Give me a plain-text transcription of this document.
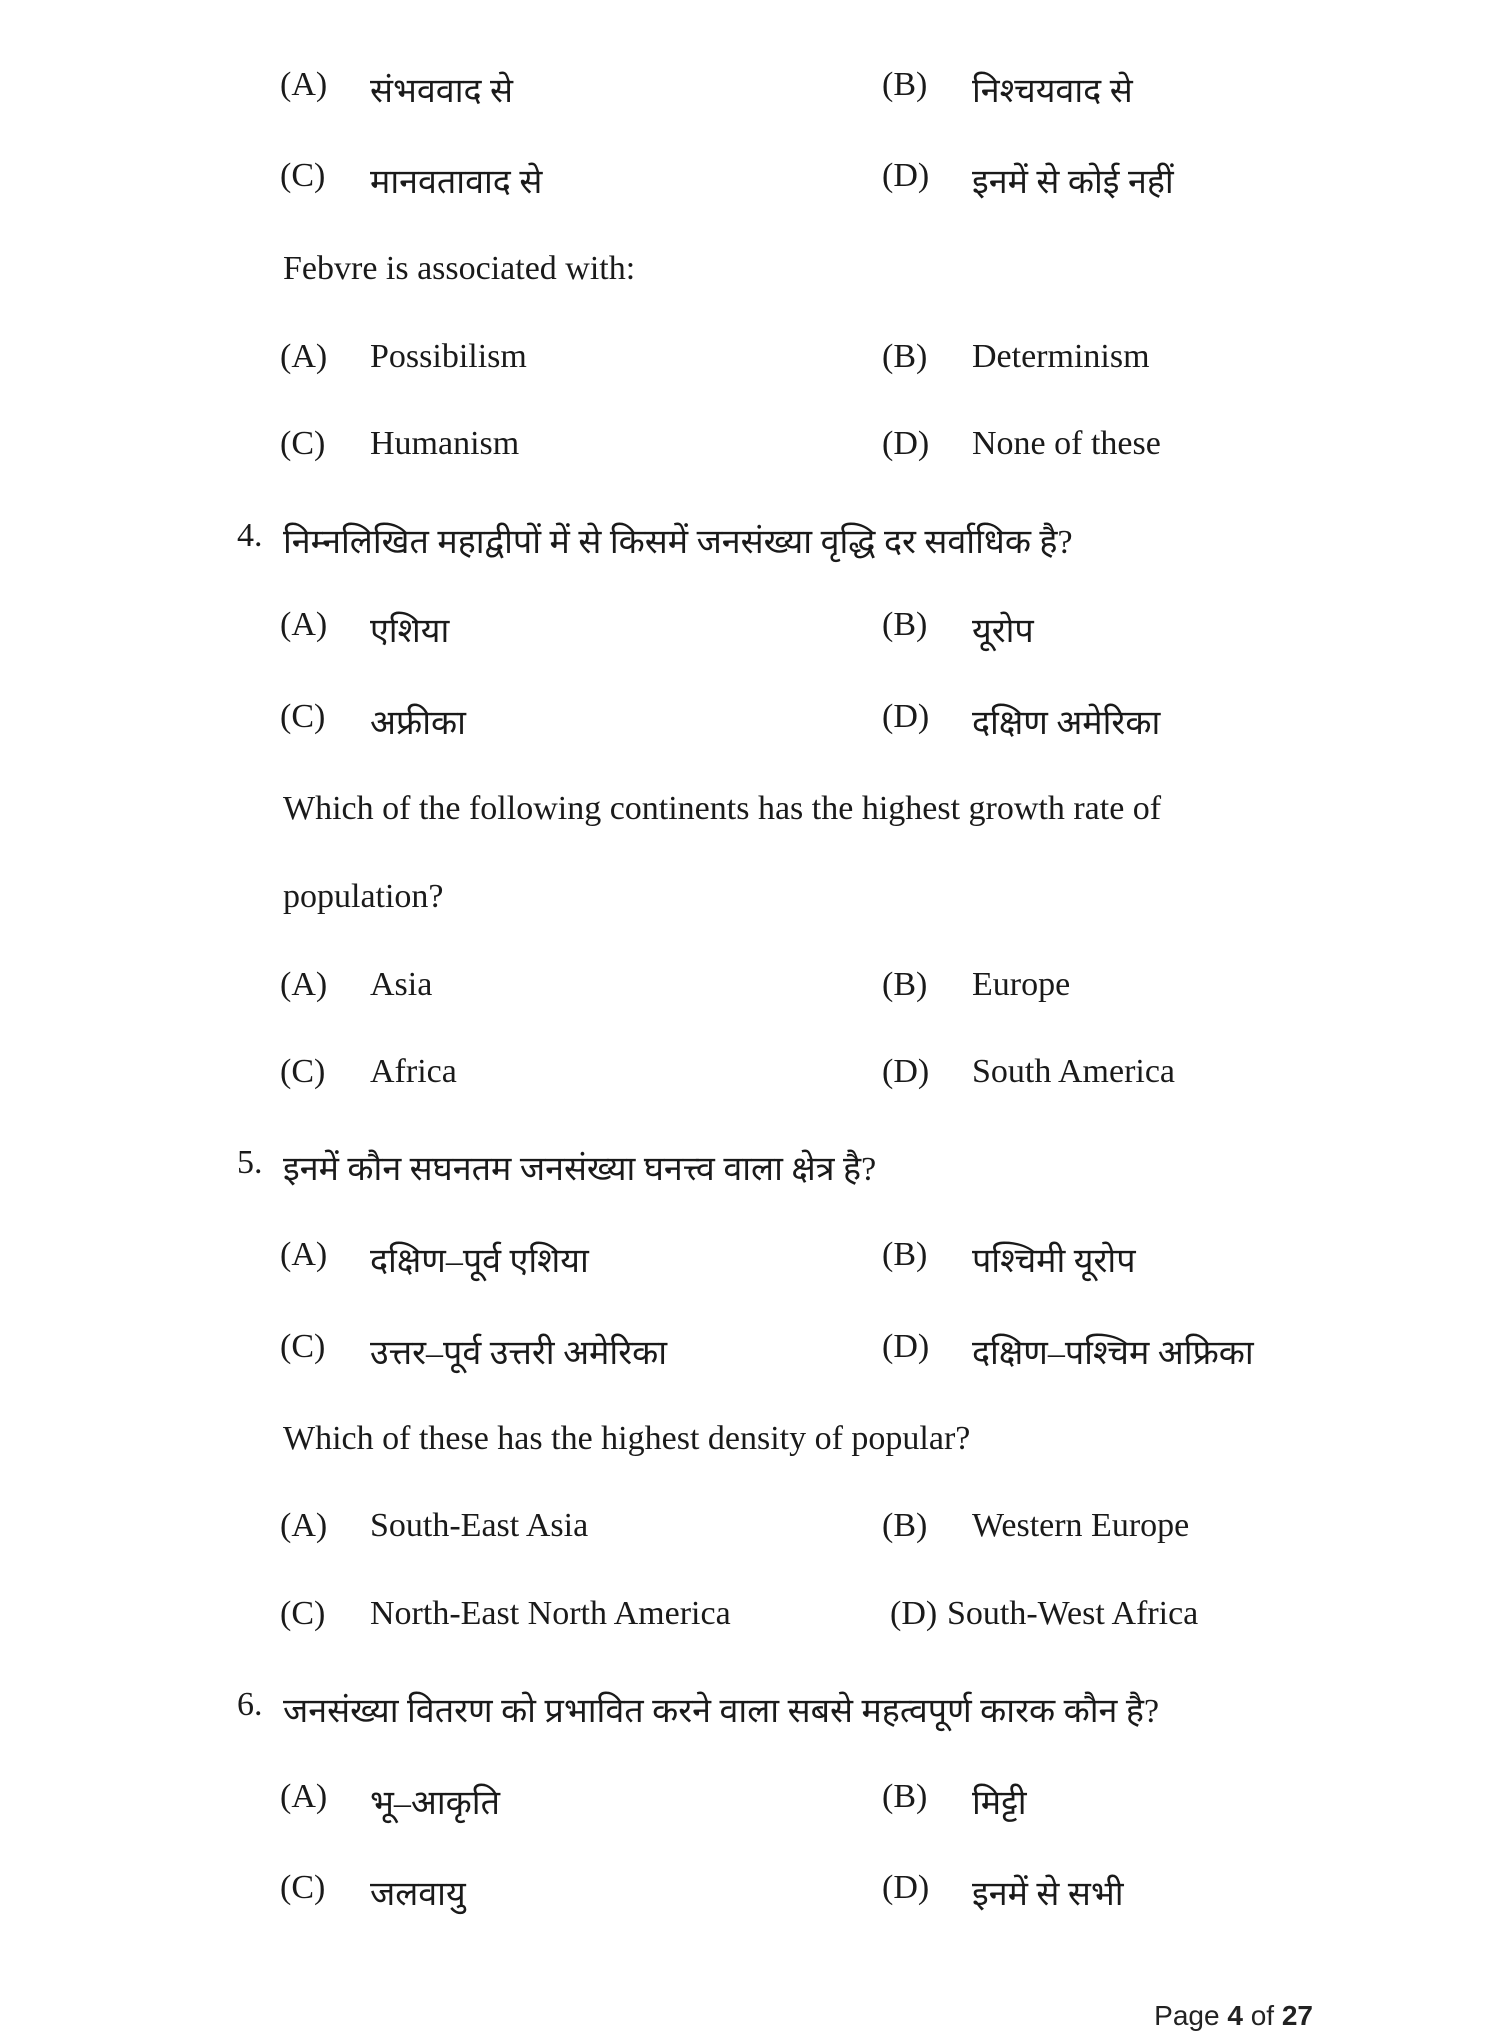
(A) संभववाद से	(B) निश्चयवाद से
(C) मानवतावाद से	(D) इनमें से कोई नहीं
Febvre is associated with:
(A) Possibilism	(B) Determinism
(C) Humanism	(D) None of these
4. निम्नलिखित महाद्वीपों में से किसमें जनसंख्या वृद्धि दर सर्वाधिक है?
(A) एशिया	(B) यूरोप
(C) अफ्रीका	(D) दक्षिण अमेरिका
Which of the following continents has the highest growth rate of
population?
(A) Asia	(B) Europe
(C) Africa	(D) South America
5. इनमें कौन सघनतम जनसंख्या घनत्त्व वाला क्षेत्र है?
(A) दक्षिण–पूर्व एशिया	(B) पश्चिमी यूरोप
(C) उत्तर–पूर्व उत्तरी अमेरिका	(D) दक्षिण–पश्चिम अफ्रिका
Which of these has the highest density of popular?
(A) South-East Asia	(B) Western Europe
(C) North-East North America	(D) South-West Africa
6. जनसंख्या वितरण को प्रभावित करने वाला सबसे महत्वपूर्ण कारक कौन है?
(A) भू–आकृति	(B) मिट्टी
(C) जलवायु	(D) इनमें से सभी
Page 4 of 27
